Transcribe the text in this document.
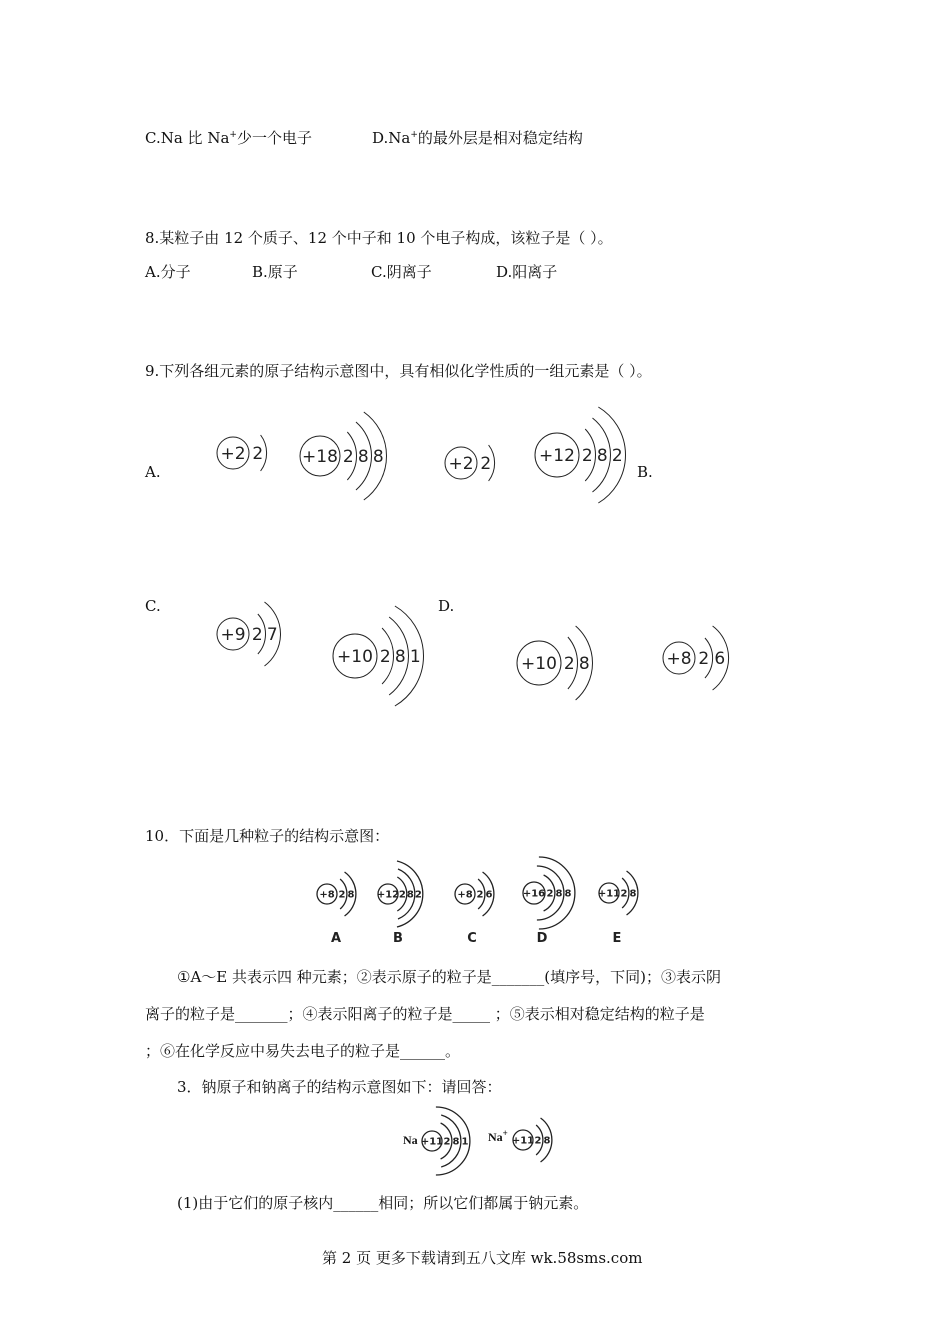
C.Na 比 Na+少一个电子	D.Na+的最外层是相对稳定结构
8.某粒子由 12 个质子、12 个中子和 10 个电子构成，该粒子是（ ）。
A.分子	B.原子	C.阴离子	D.阳离子
9.下列各组元素的原子结构示意图中，具有相似化学性质的一组元素是（ ）。
A.	B.
C.	D.
+2 2 +18 2 8 8	+2 2	+12 2 8 2
+9 2 7
+10 2 8 1	+10 2 8	+8 2 6
10．下面是几种粒子的结构示意图：
+8 2 8
A
+12 2 8 2
B
+8 2 6
C
+16 2 8 8
D
+11 2 8
E
①A～E 共表示四 种元素；②表示原子的粒子是_______(填序号，下同)；③表示阴
离子的粒子是_______；④表示阳离子的粒子是_____ ；⑤表示相对稳定结构的粒子是
；⑥在化学反应中易失去电子的粒子是______。
3．钠原子和钠离子的结构示意图如下：请回答：
Na	Na+
+11 2 8 1	+11 2 8
(1)由于它们的原子核内______相同；所以它们都属于钠元素。
第 2 页 更多下载请到五八文库 wk.58sms.com
